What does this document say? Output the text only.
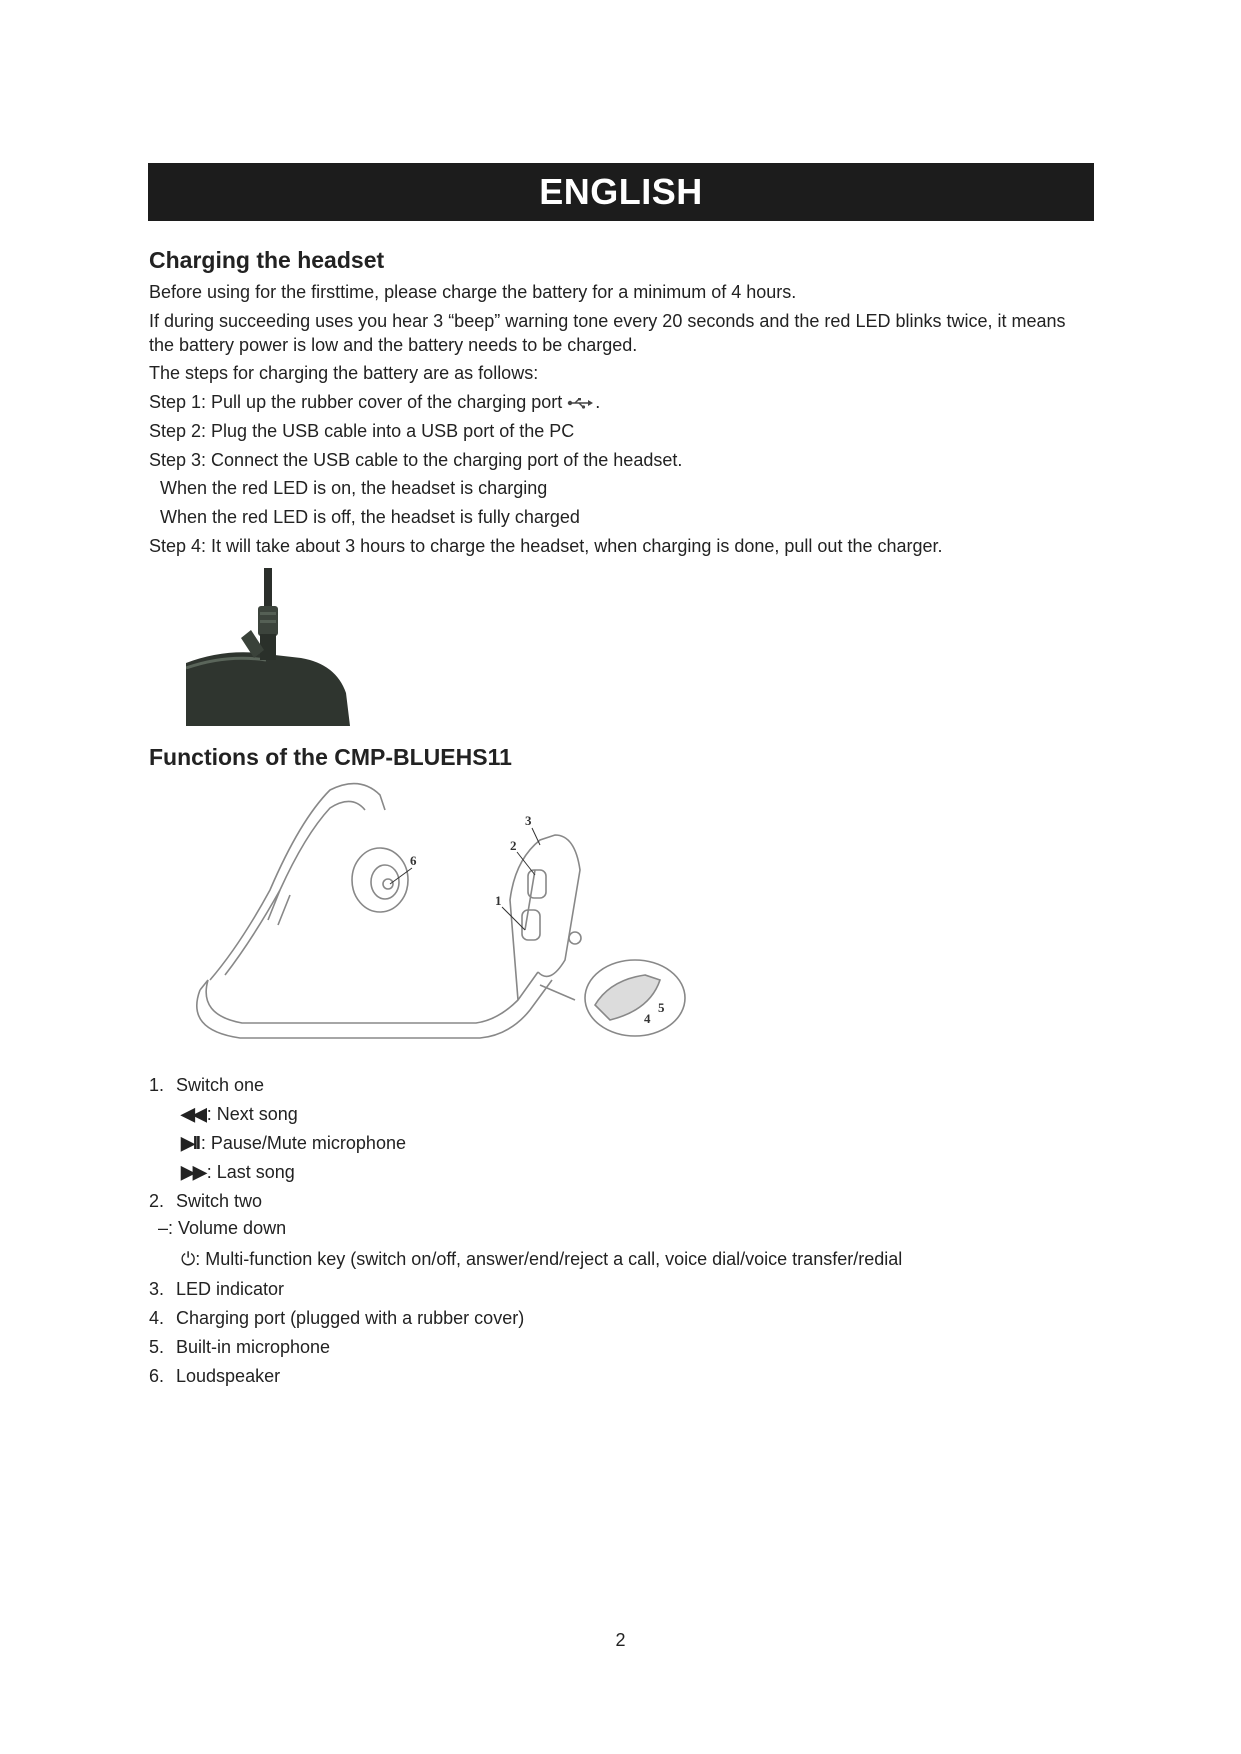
ENGLISH
Charging the headset
Before using for the firsttime, please charge the battery for a minimum of 4 hours.
If during succeeding uses you hear 3 “beep” warning tone every 20 seconds and the red LED blinks twice, it means the battery power is low and the battery needs to be charged.
The steps for charging the battery are as follows:
Step 1: Pull up the rubber cover of the charging port .
Step 2: Plug the USB cable into a USB port of the PC
Step 3: Connect the USB cable to the charging port of the headset.
When the red LED is on, the headset is charging
When the red LED is off, the headset is fully charged
Step 4: It will take about 3 hours to charge the headset, when charging is done, pull out the charger.
Functions of the CMP-BLUEHS11
1
2
3
4
5
6
1. Switch one
◀◀ : Next song
▶II : Pause/Mute microphone
▶▶ : Last song
2. Switch two
–: Volume down
⏻: Multi-function key (switch on/off, answer/end/reject a call, voice dial/voice transfer/redial
3. LED indicator
4. Charging port (plugged with a rubber cover)
5. Built-in microphone
6. Loudspeaker
2
